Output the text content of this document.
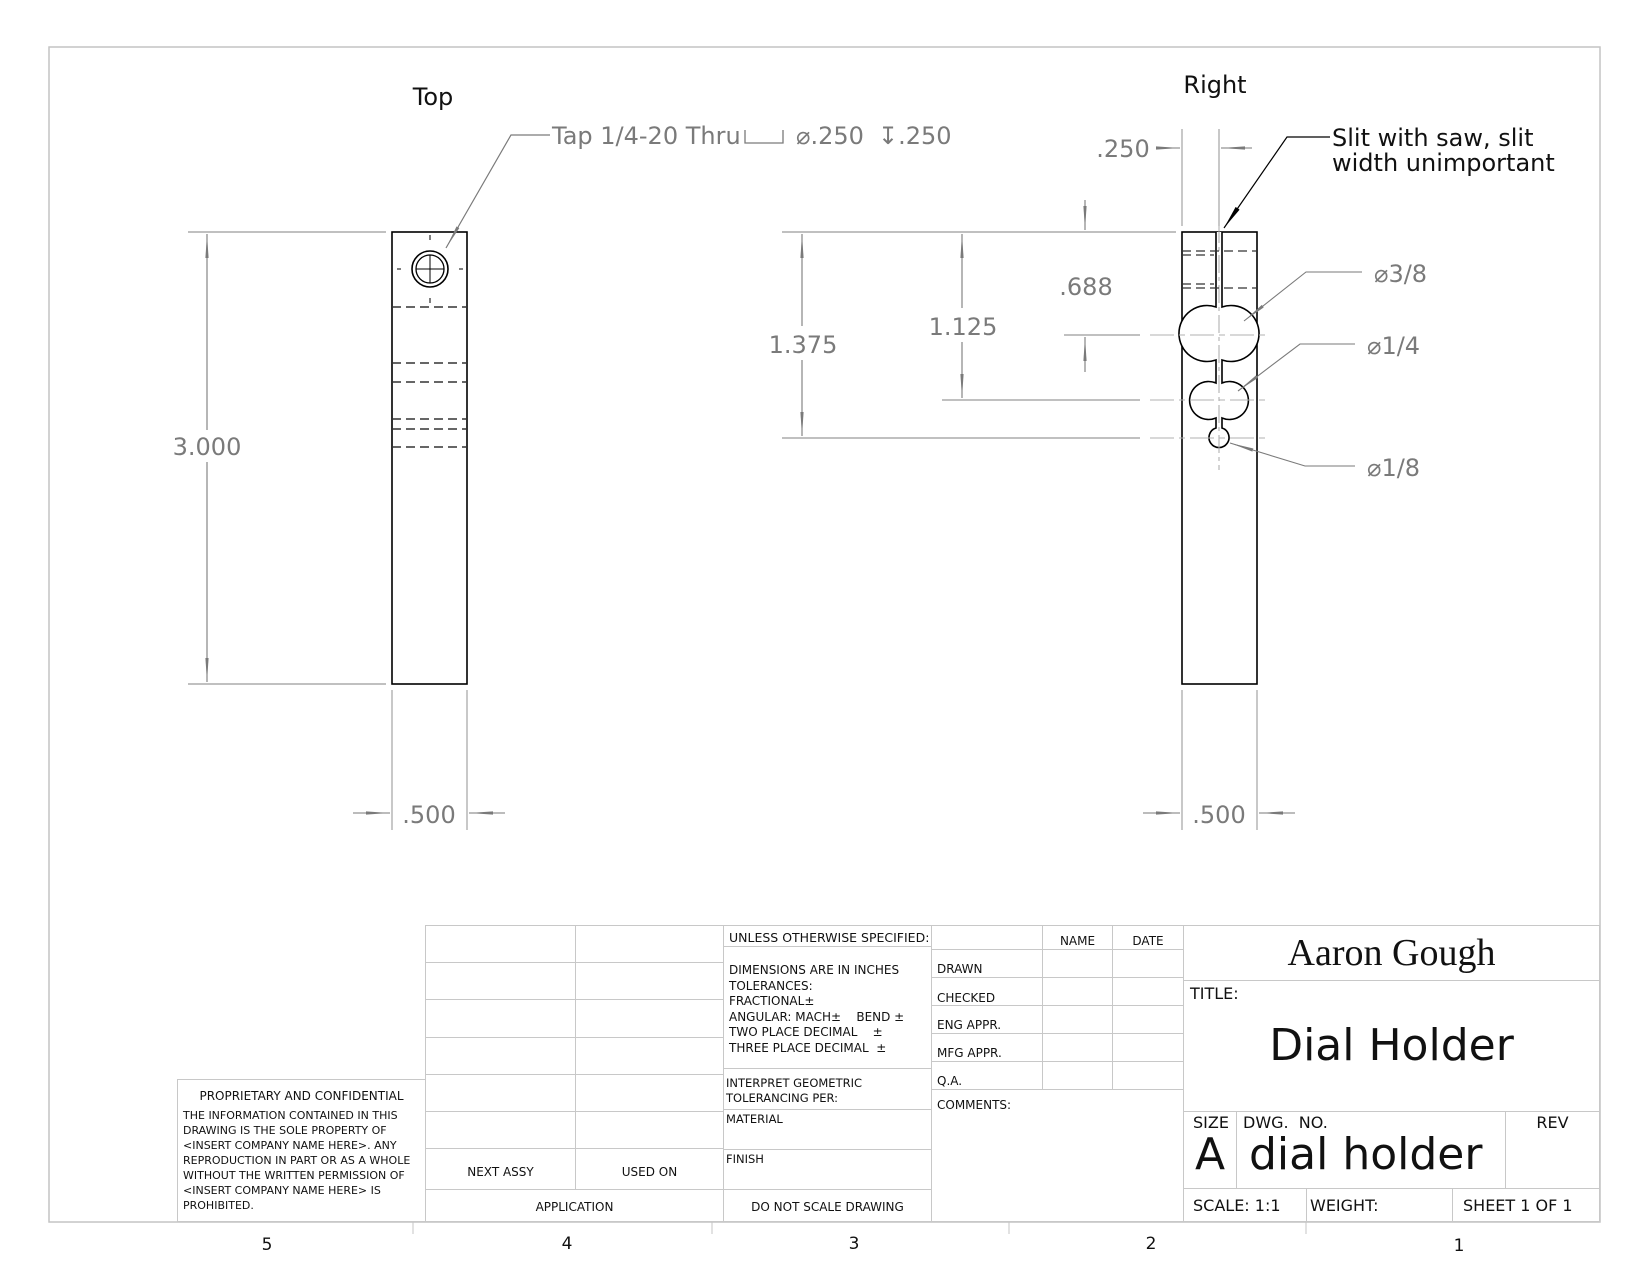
Top
Tap 1/4-20 Thru ⌀.250 ↧.250
3.000
.500
Right
.250	Slit with saw, slit width unimportant
.688
1.125
1.375
⌀3/8
⌀1/4
⌀1/8
.500
5	4	3	2	1
PROPRIETARY AND CONFIDENTIAL
THE INFORMATION CONTAINED IN THIS
DRAWING IS THE SOLE PROPERTY OF
<INSERT COMPANY NAME HERE>. ANY
REPRODUCTION IN PART OR AS A WHOLE
WITHOUT THE WRITTEN PERMISSION OF
<INSERT COMPANY NAME HERE> IS
PROHIBITED.
NEXT ASSY	USED ON
APPLICATION
UNLESS OTHERWISE SPECIFIED:
DIMENSIONS ARE IN INCHES
TOLERANCES:
FRACTIONAL±
ANGULAR: MACH±    BEND ±
TWO PLACE DECIMAL    ±
THREE PLACE DECIMAL  ±
INTERPRET GEOMETRIC
TOLERANCING PER:
MATERIAL
FINISH
DO NOT SCALE DRAWING
NAME	DATE
DRAWN
CHECKED
ENG APPR.
MFG APPR.
Q.A.
COMMENTS:
Aaron Gough
TITLE:
Dial Holder
SIZE
A
DWG.  NO.
dial holder
REV
SCALE: 1:1 WEIGHT:	SHEET 1 OF 1
